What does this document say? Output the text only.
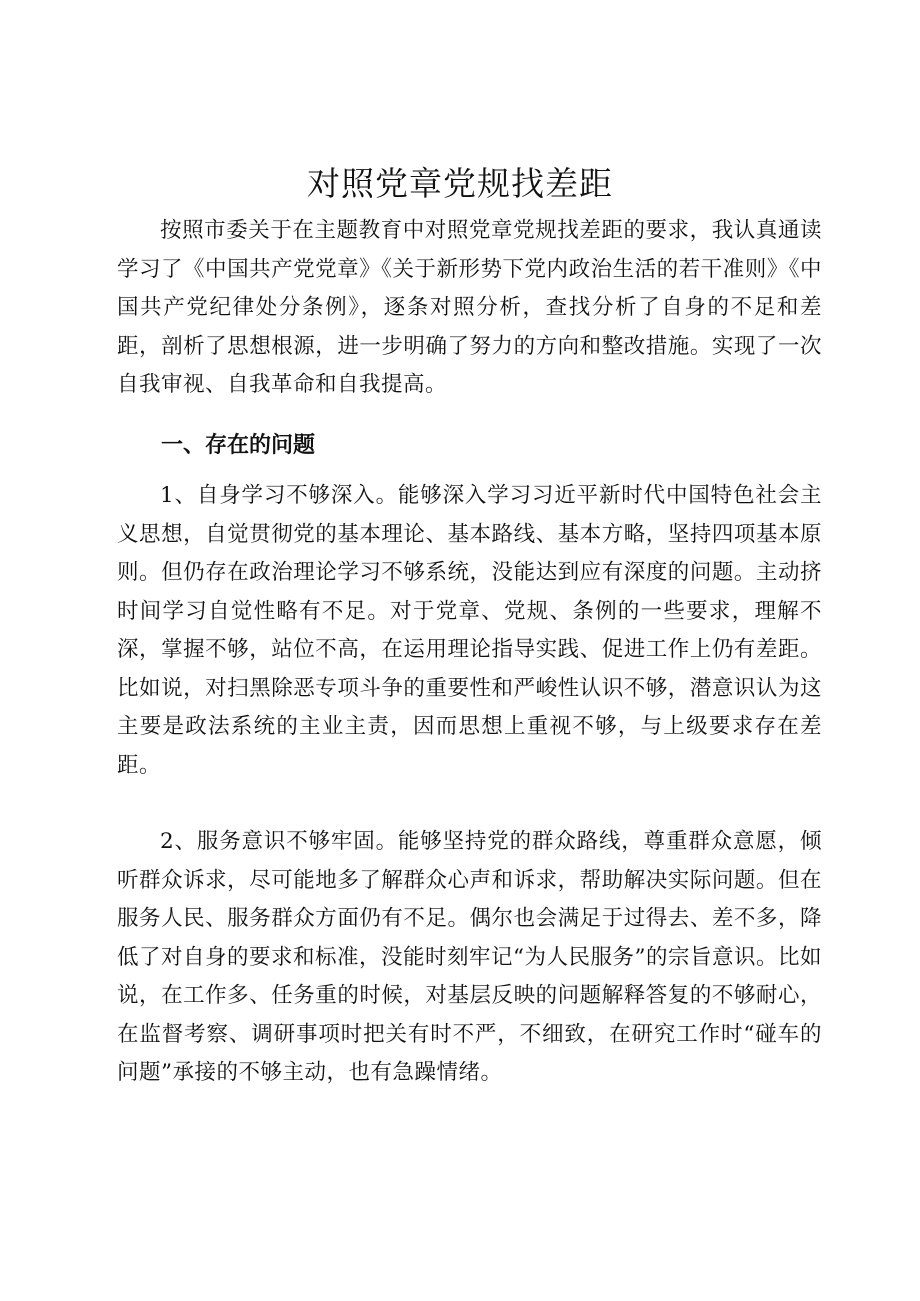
对照党章党规找差距

按照市委关于在主题教育中对照党章党规找差距的要求，我认真通读学习了《中国共产党党章》《关于新形势下党内政治生活的若干准则》《中国共产党纪律处分条例》，逐条对照分析，查找分析了自身的不足和差距，剖析了思想根源，进一步明确了努力的方向和整改措施。实现了一次自我审视、自我革命和自我提高。

一、存在的问题

1、自身学习不够深入。能够深入学习习近平新时代中国特色社会主义思想，自觉贯彻党的基本理论、基本路线、基本方略，坚持四项基本原则。但仍存在政治理论学习不够系统，没能达到应有深度的问题。主动挤时间学习自觉性略有不足。对于党章、党规、条例的一些要求，理解不深，掌握不够，站位不高，在运用理论指导实践、促进工作上仍有差距。比如说，对扫黑除恶专项斗争的重要性和严峻性认识不够，潜意识认为这主要是政法系统的主业主责，因而思想上重视不够，与上级要求存在差距。

2、服务意识不够牢固。能够坚持党的群众路线，尊重群众意愿，倾听群众诉求，尽可能地多了解群众心声和诉求，帮助解决实际问题。但在服务人民、服务群众方面仍有不足。偶尔也会满足于过得去、差不多，降低了对自身的要求和标准，没能时刻牢记“为人民服务”的宗旨意识。比如说，在工作多、任务重的时候，对基层反映的问题解释答复的不够耐心，在监督考察、调研事项时把关有时不严，不细致，在研究工作时“碰车的问题”承接的不够主动，也有急躁情绪。
